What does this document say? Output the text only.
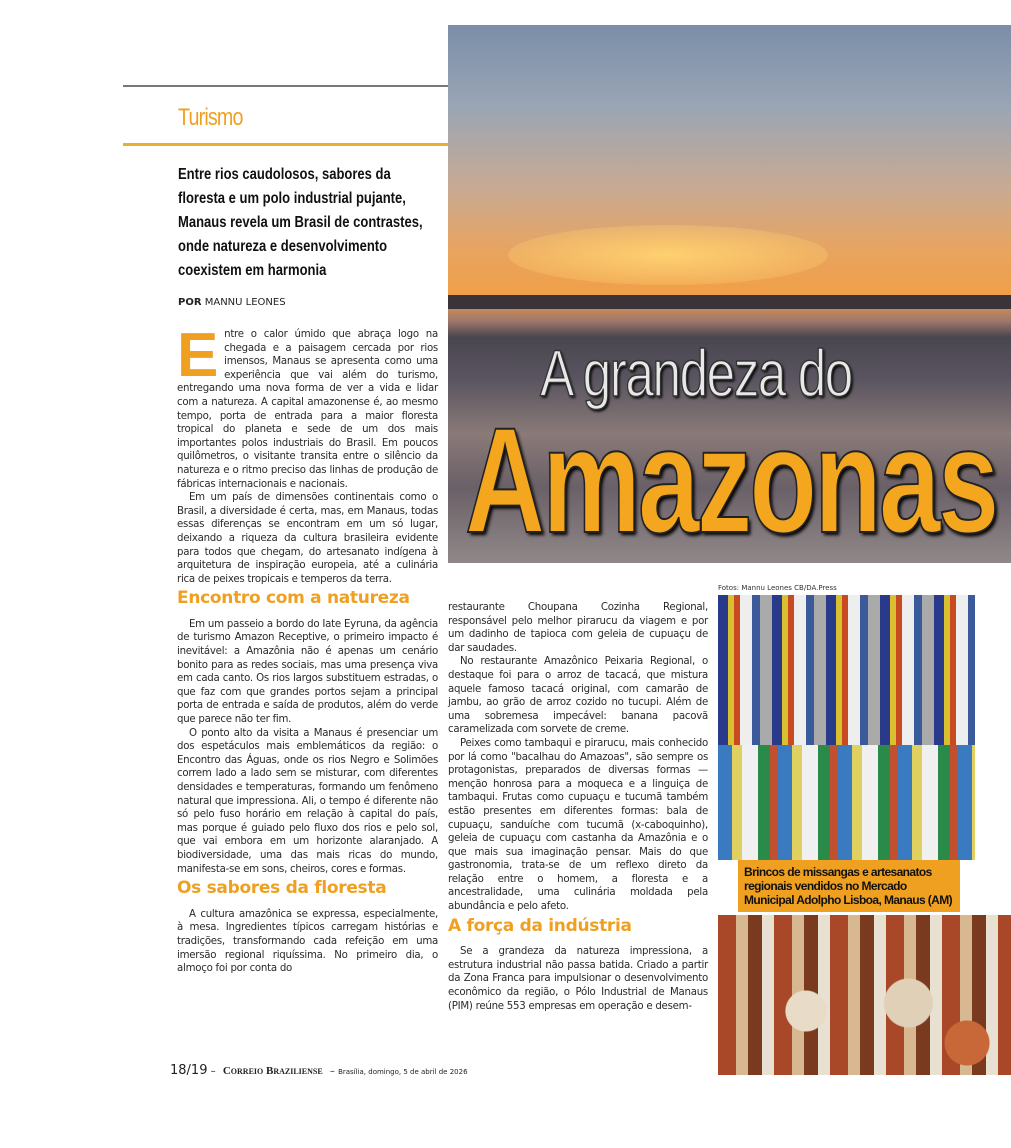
Turismo
Entre rios caudolosos, sabores da floresta e um polo industrial pujante, Manaus revela um Brasil de contrastes, onde natureza e desenvolvimento coexistem em harmonia
POR MANNU LEONES
A grandeza do
Amazonas

Entre o calor úmido que abraça logo na chegada e a paisagem cercada por rios imensos, Manaus se apresenta como uma experiência que vai além do turismo, entregando uma nova forma de ver a vida e lidar com a natureza. A capital amazonense é, ao mesmo tempo, porta de entrada para a maior floresta tropical do planeta e sede de um dos mais importantes polos industriais do Brasil. Em poucos quilômetros, o visitante transita entre o silêncio da natureza e o ritmo preciso das linhas de produção de fábricas internacionais e nacionais.

Em um país de dimensões continentais como o Brasil, a diversidade é certa, mas, em Manaus, todas essas diferenças se encontram em um só lugar, deixando a riqueza da cultura brasileira evidente para todos que chegam, do artesanato indígena à arquitetura de inspiração europeia, até a culinária rica de peixes tropicais e temperos da terra.

Encontro com a natureza

Em um passeio a bordo do Iate Eyruna, da agência de turismo Amazon Receptive, o primeiro impacto é inevitável: a Amazônia não é apenas um cenário bonito para as redes sociais, mas uma presença viva em cada canto. Os rios largos substituem estradas, o que faz com que grandes portos sejam a principal porta de entrada e saída de produtos, além do verde que parece não ter fim.

O ponto alto da visita a Manaus é presenciar um dos espetáculos mais emblemáticos da região: o Encontro das Águas, onde os rios Negro e Solimões correm lado a lado sem se misturar, com diferentes densidades e temperaturas, formando um fenômeno natural que impressiona. Ali, o tempo é diferente não só pelo fuso horário em relação à capital do país, mas porque é guiado pelo fluxo dos rios e pelo sol, que vai embora em um horizonte alaranjado. A biodiversidade, uma das mais ricas do mundo, manifesta-se em sons, cheiros, cores e formas.

Os sabores da floresta

A cultura amazônica se expressa, especialmente, à mesa. Ingredientes típicos carregam histórias e tradições, transformando cada refeição em uma imersão regional riquíssima. No primeiro dia, o almoço foi por conta do

restaurante Choupana Cozinha Regional, responsável pelo melhor pirarucu da viagem e por um dadinho de tapioca com geleia de cupuaçu de dar saudades.

No restaurante Amazônico Peixaria Regional, o destaque foi para o arroz de tacacá, que mistura aquele famoso tacacá original, com camarão de jambu, ao grão de arroz cozido no tucupi. Além de uma sobremesa impecável: banana pacovã caramelizada com sorvete de creme.

Peixes como tambaqui e pirarucu, mais conhecido por lá como "bacalhau do Amazoas", são sempre os protagonistas, preparados de diversas formas — menção honrosa para a moqueca e a linguiça de tambaqui. Frutas como cupuaçu e tucumã também estão presentes em diferentes formas: bala de cupuaçu, sanduíche com tucumã (x-caboquinho), geleia de cupuaçu com castanha da Amazônia e o que mais sua imaginação pensar. Mais do que gastronomia, trata-se de um reflexo direto da relação entre o homem, a floresta e a ancestralidade, uma culinária moldada pela abundância e pelo afeto.

A força da indústria

Se a grandeza da natureza impressiona, a estrutura industrial não passa batida. Criado a partir da Zona Franca para impulsionar o desenvolvimento econômico da região, o Pólo Industrial de Manaus (PIM) reúne 553 empresas em operação e desem-

Fotos: Mannu Leones CB/DA.Press
Brincos de missangas e artesanatos regionais vendidos no Mercado Municipal Adolpho Lisboa, Manaus (AM)
18/19 – Correio Braziliense – Brasília, domingo, 5 de abril de 2026
